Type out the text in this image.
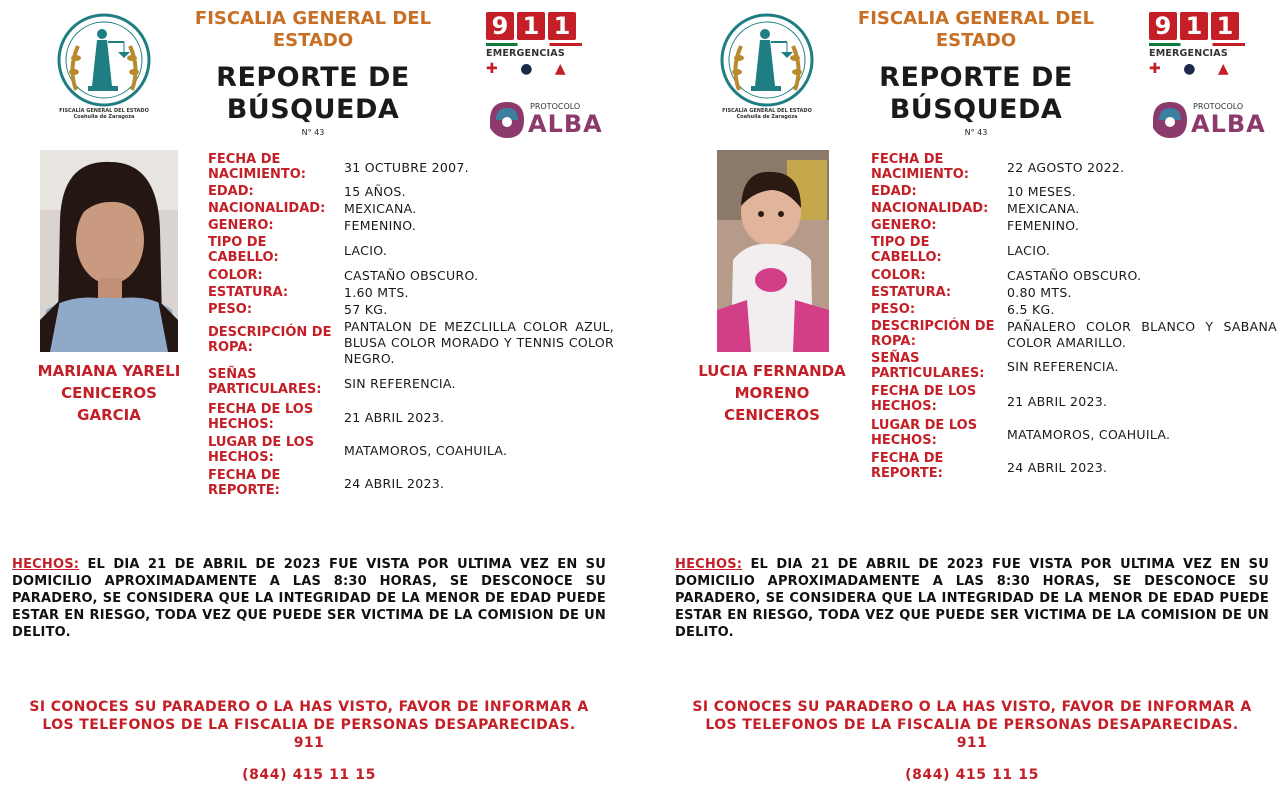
FISCALÍA GENERAL DEL ESTADO
Coahuila de Zaragoza
FISCALIA GENERAL DEL ESTADO
REPORTE DE BÚSQUEDA
N° 43
9 1 1
EMERGENCIAS
✚ ● ▲
PROTOCOLO
ALBA
MARIANA YARELI
CENICEROS
GARCIA
FECHA DE NACIMIENTO:	31 OCTUBRE 2007.
EDAD:	15 AÑOS.
NACIONALIDAD:	MEXICANA.
GENERO:	FEMENINO.
TIPO DE CABELLO:	LACIO.
COLOR:	CASTAÑO OBSCURO.
ESTATURA:	1.60 MTS.
PESO:	57 KG.
DESCRIPCIÓN DE ROPA:
PANTALON DE MEZCLILLA COLOR AZUL, BLUSA COLOR MORADO Y TENNIS COLOR NEGRO.
SEÑAS PARTICULARES:	SIN REFERENCIA.
FECHA DE LOS HECHOS:	21 ABRIL 2023.
LUGAR DE LOS HECHOS:	MATAMOROS, COAHUILA.
FECHA DE REPORTE:	24 ABRIL 2023.
HECHOS: EL DIA 21 DE ABRIL DE 2023 FUE VISTA POR ULTIMA VEZ EN SU DOMICILIO APROXIMADAMENTE A LAS 8:30 HORAS, SE DESCONOCE SU PARADERO, SE CONSIDERA QUE LA INTEGRIDAD DE LA MENOR DE EDAD PUEDE ESTAR EN RIESGO, TODA VEZ QUE PUEDE SER VICTIMA DE LA COMISION DE UN DELITO.
SI CONOCES SU PARADERO O LA HAS VISTO, FAVOR DE INFORMAR A
LOS TELEFONOS DE LA FISCALIA DE PERSONAS DESAPARECIDAS.
911
(844) 415 11 15
FISCALÍA GENERAL DEL ESTADO
Coahuila de Zaragoza
FISCALIA GENERAL DEL ESTADO
REPORTE DE BÚSQUEDA
N° 43
9 1 1
EMERGENCIAS
✚ ● ▲
PROTOCOLO
ALBA
LUCIA FERNANDA
MORENO
CENICEROS
FECHA DE NACIMIENTO:	22 AGOSTO 2022.
EDAD:	10 MESES.
NACIONALIDAD:	MEXICANA.
GENERO:	FEMENINO.
TIPO DE CABELLO:	LACIO.
COLOR:	CASTAÑO OBSCURO.
ESTATURA:	0.80 MTS.
PESO:	6.5 KG.
DESCRIPCIÓN DE ROPA:
PAÑALERO COLOR BLANCO Y SABANA COLOR AMARILLO.
SEÑAS PARTICULARES:	SIN REFERENCIA.
FECHA DE LOS HECHOS:	21 ABRIL 2023.
LUGAR DE LOS HECHOS:	MATAMOROS, COAHUILA.
FECHA DE REPORTE:	24 ABRIL 2023.
HECHOS: EL DIA 21 DE ABRIL DE 2023 FUE VISTA POR ULTIMA VEZ EN SU DOMICILIO APROXIMADAMENTE A LAS 8:30 HORAS, SE DESCONOCE SU PARADERO, SE CONSIDERA QUE LA INTEGRIDAD DE LA MENOR DE EDAD PUEDE ESTAR EN RIESGO, TODA VEZ QUE PUEDE SER VICTIMA DE LA COMISION DE UN DELITO.
SI CONOCES SU PARADERO O LA HAS VISTO, FAVOR DE INFORMAR A
LOS TELEFONOS DE LA FISCALIA DE PERSONAS DESAPARECIDAS.
911
(844) 415 11 15
